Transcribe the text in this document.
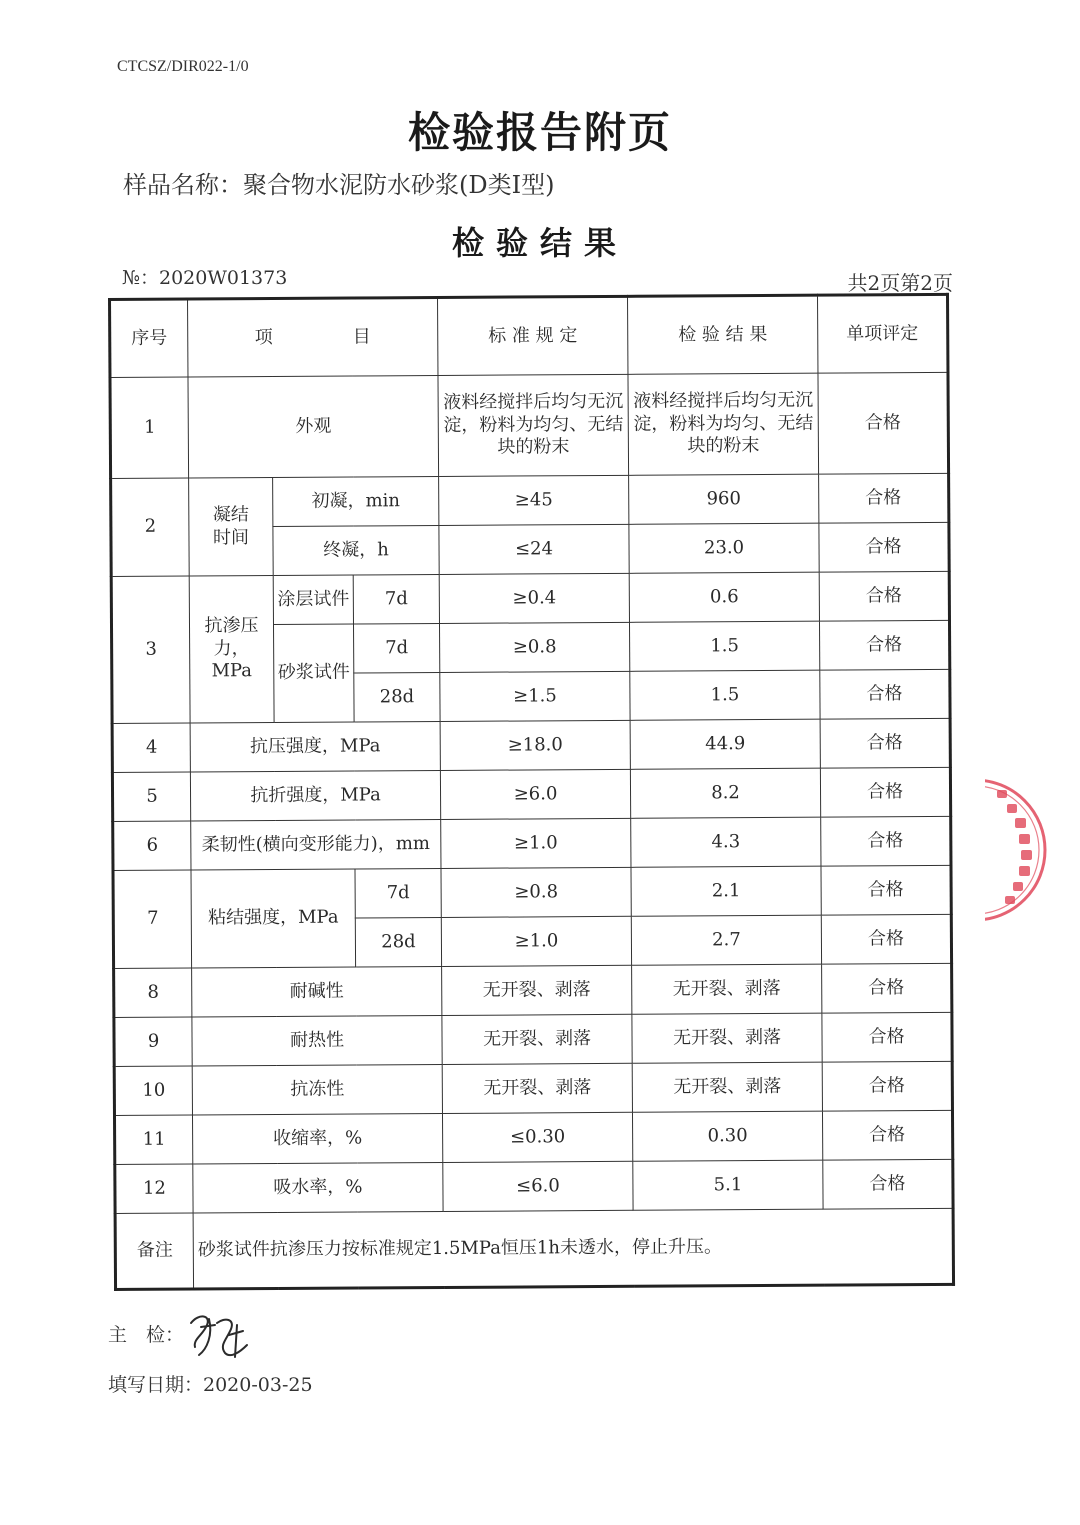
CTCSZ/DIR022-1/0
检验报告附页
样品名称：聚合物水泥防水砂浆(D类Ⅰ型)
检验结果
№：2020W01373	共2页第2页
序号	项 目			标 准 规 定	检 验 结 果	单项评定
1	外观			液料经搅拌后均匀无沉淀，粉料为均匀、无结块的粉末	液料经搅拌后均匀无沉淀，粉料为均匀、无结块的粉末	合格
2	凝结时间	初凝，min		≥45	960	合格
		终凝，h		≤24	23.0	合格
3	抗渗压力，MPa	涂层试件	7d	≥0.4	0.6	合格
		砂浆试件	7d	≥0.8	1.5	合格
			28d	≥1.5	1.5	合格
4	抗压强度，MPa			≥18.0	44.9	合格
5	抗折强度，MPa			≥6.0	8.2	合格
6	柔韧性(横向变形能力)，mm			≥1.0	4.3	合格
7	粘结强度，MPa		7d	≥0.8	2.1	合格
			28d	≥1.0	2.7	合格
8	耐碱性			无开裂、剥落	无开裂、剥落	合格
9	耐热性			无开裂、剥落	无开裂、剥落	合格
10	抗冻性			无开裂、剥落	无开裂、剥落	合格
11	收缩率，%			≤0.30	0.30	合格
12	吸水率，%			≤6.0	5.1	合格
备注	砂浆试件抗渗压力按标准规定1.5MPa恒压1h未透水，停止升压。					
主　检：
填写日期：2020-03-25
